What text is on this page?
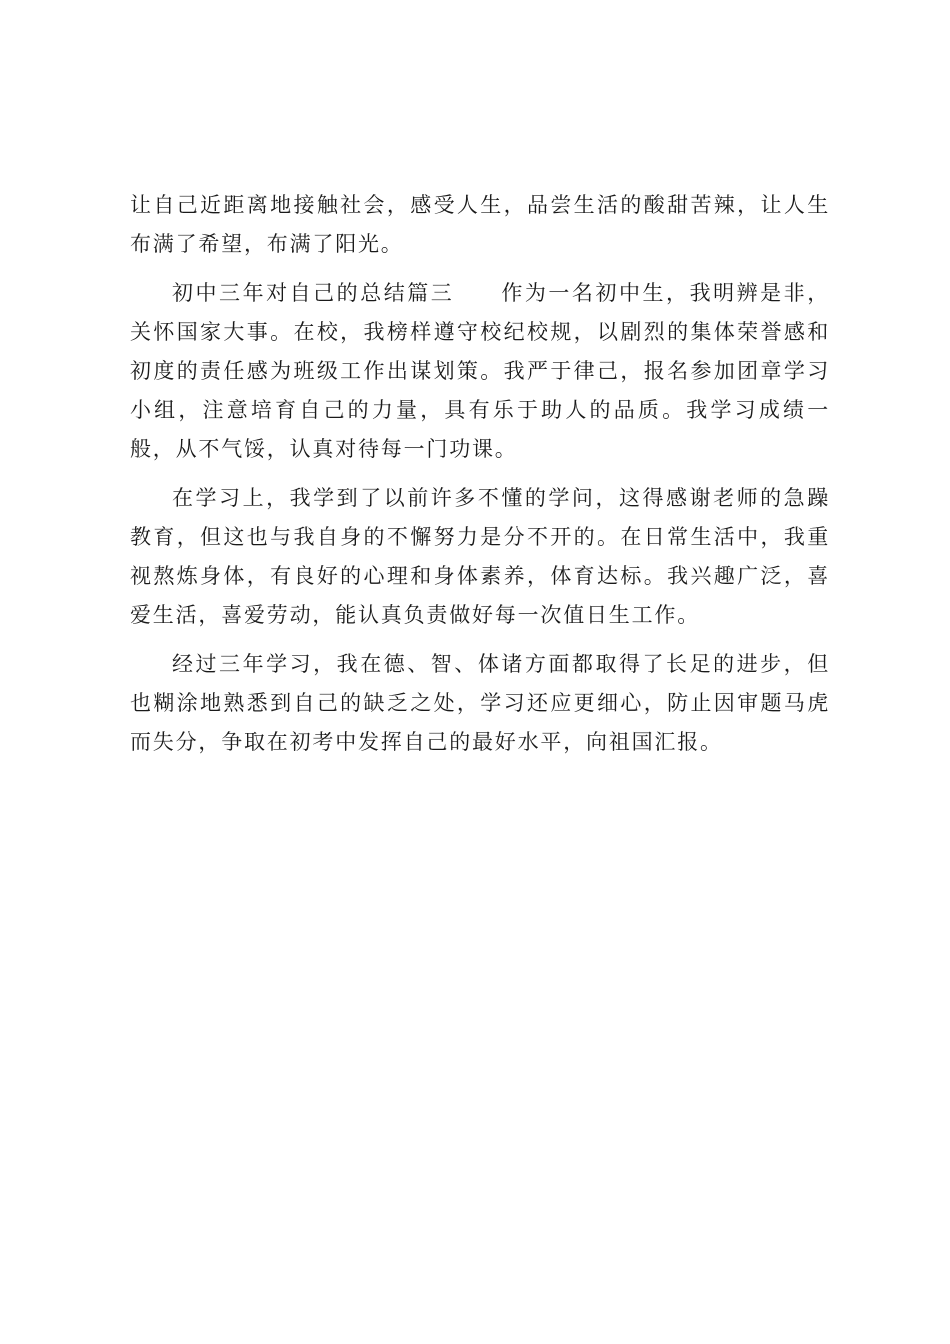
让自己近距离地接触社会，感受人生，品尝生活的酸甜苦辣，让人生布满了希望，布满了阳光。

初中三年对自己的总结篇三　　作为一名初中生，我明辨是非，关怀国家大事。在校，我榜样遵守校纪校规，以剧烈的集体荣誉感和初度的责任感为班级工作出谋划策。我严于律己，报名参加团章学习小组，注意培育自己的力量，具有乐于助人的品质。我学习成绩一般，从不气馁，认真对待每一门功课。

在学习上，我学到了以前许多不懂的学问，这得感谢老师的急躁教育，但这也与我自身的不懈努力是分不开的。在日常生活中，我重视熬炼身体，有良好的心理和身体素养，体育达标。我兴趣广泛，喜爱生活，喜爱劳动，能认真负责做好每一次值日生工作。

经过三年学习，我在德、智、体诸方面都取得了长足的进步，但也糊涂地熟悉到自己的缺乏之处，学习还应更细心，防止因审题马虎而失分，争取在初考中发挥自己的最好水平，向祖国汇报。
